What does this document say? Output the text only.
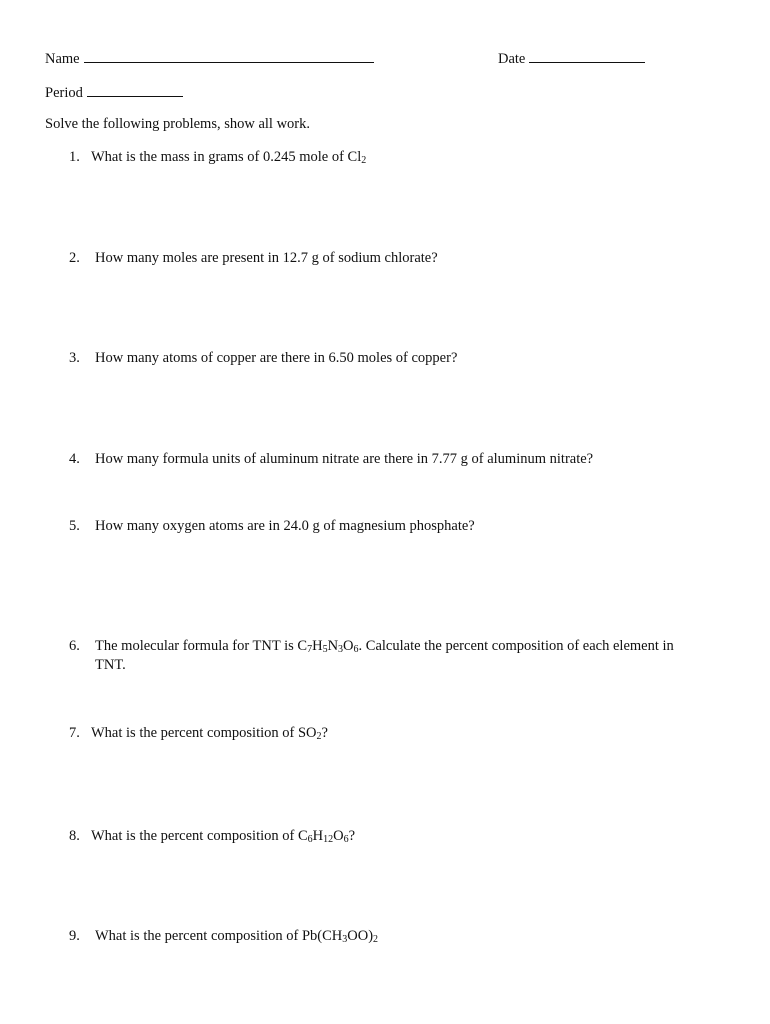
Name	Date
Period
Solve the following problems, show all work.
1. What is the mass in grams of 0.245 mole of $Cl_2$
2. How many moles are present in 12.7 g of sodium chlorate?
3. How many atoms of copper are there in 6.50 moles of copper?
4. How many formula units of aluminum nitrate are there in 7.77 g of aluminum nitrate?
5. How many oxygen atoms are in 24.0 g of magnesium phosphate?
6. The molecular formula for TNT is $C_7H_5N_3O_6$. Calculate the percent composition of each element in
TNT.
7. What is the percent composition of $SO_2$?
8. What is the percent composition of $C_6H_{12}O_6$?
9. What is the percent composition of $Pb(CH_3OO)_2$
